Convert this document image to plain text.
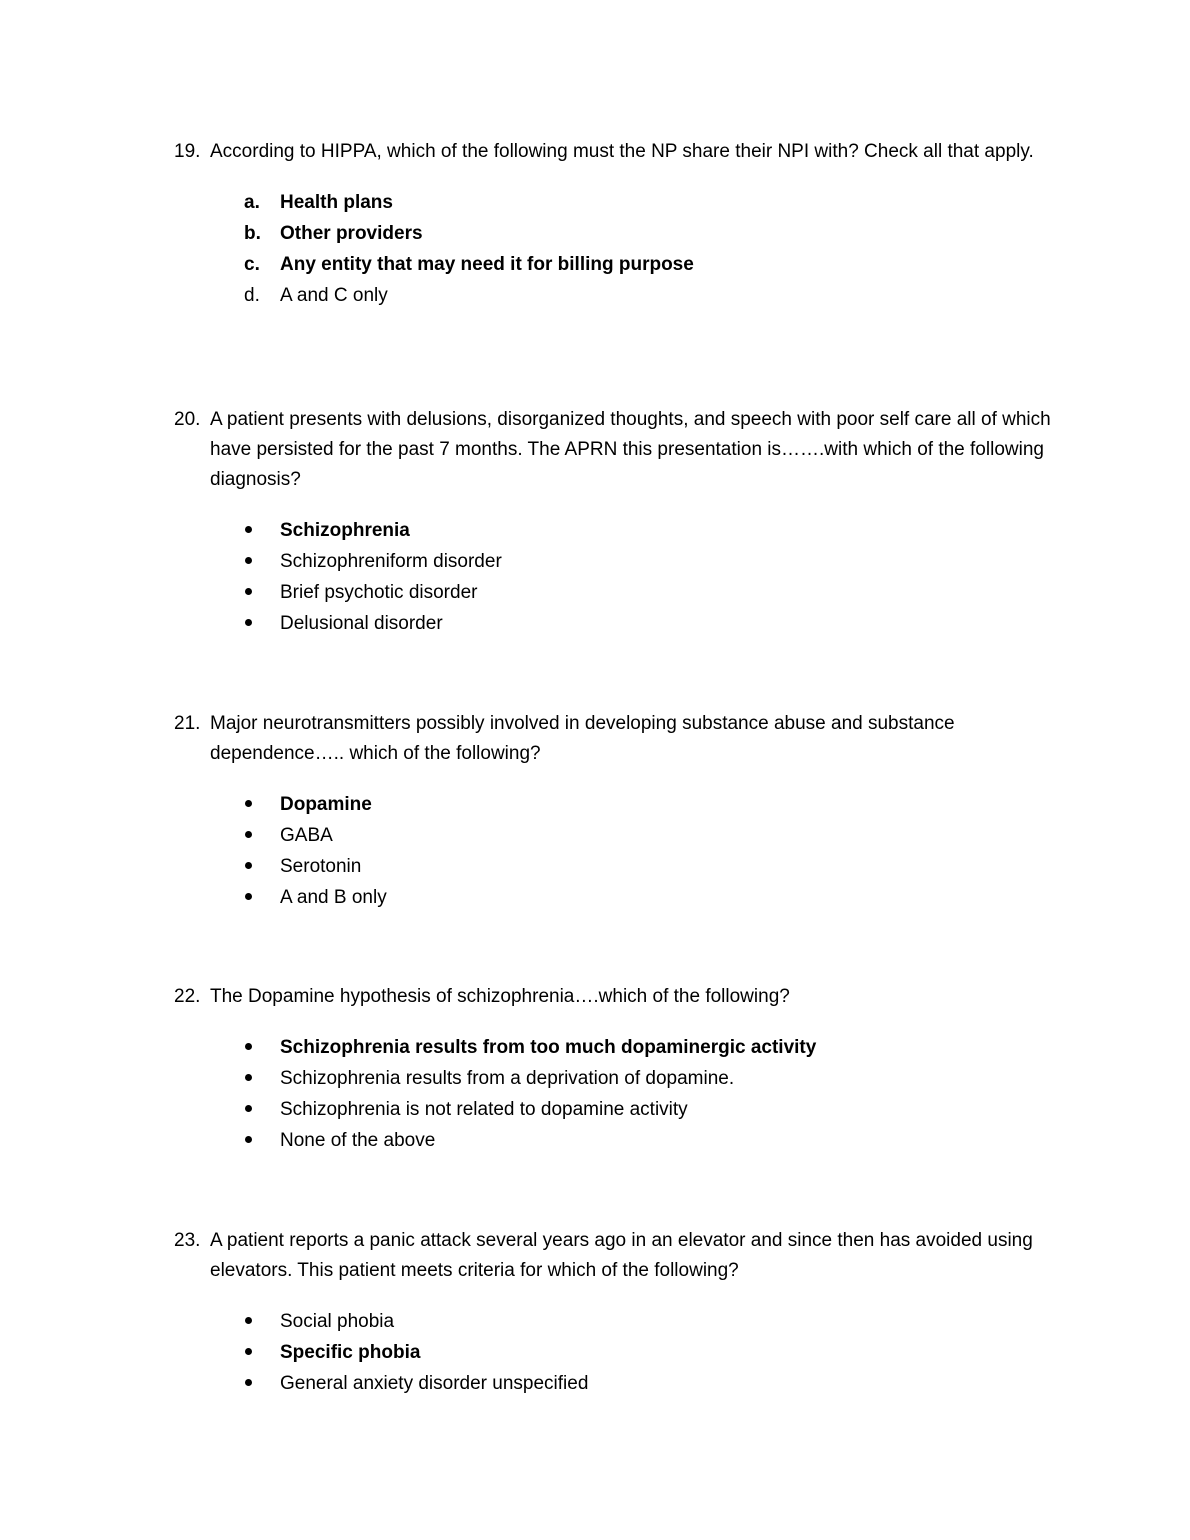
19. According to HIPPA, which of the following must the NP share their NPI with? Check all that apply.
a.	Health plans
b.	Other providers
c.	Any entity that may need it for billing purpose
d.	A and C only
20. A patient presents with delusions, disorganized thoughts, and speech with poor self care all of which have persisted for the past 7 months. The APRN this presentation is…….with which of the following diagnosis?
Schizophrenia
Schizophreniform disorder
Brief psychotic disorder
Delusional disorder
21. Major neurotransmitters possibly involved in developing substance abuse and substance dependence….. which of the following?
Dopamine
GABA
Serotonin
A and B only
22. The Dopamine hypothesis of schizophrenia….which of the following?
Schizophrenia results from too much dopaminergic activity
Schizophrenia results from a deprivation of dopamine.
Schizophrenia is not related to dopamine activity
None of the above
23. A patient reports a panic attack several years ago in an elevator and since then has avoided using elevators. This patient meets criteria for which of the following?
Social phobia
Specific phobia
General anxiety disorder unspecified
